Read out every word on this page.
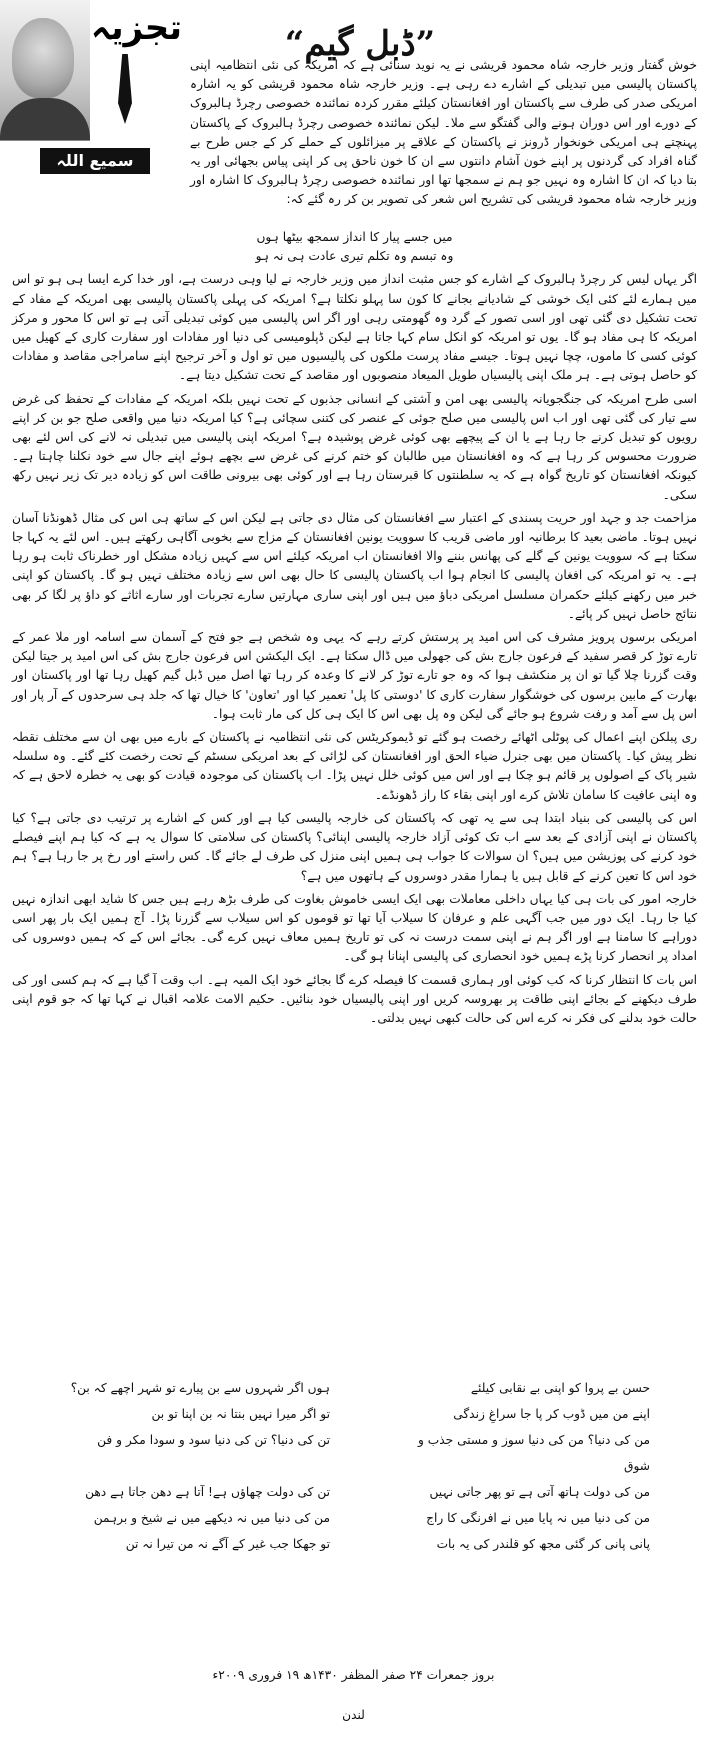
تجزیہ
سمیع اللہ ملک
”ڈبل گیم“

خوش گفتار وزیر خارجہ شاہ محمود قریشی نے یہ نوید سنائی ہے کہ امریکہ کی نئی انتظامیہ اپنی پاکستان پالیسی میں تبدیلی کے اشارے دے رہی ہے۔ وزیر خارجہ شاہ محمود قریشی کو یہ اشارہ امریکی صدر کی طرف سے پاکستان اور افغانستان کیلئے مقرر کردہ نمائندہ خصوصی رچرڈ ہالبروک کے دورے اور اس دوران ہونے والی گفتگو سے ملا۔ لیکن نمائندہ خصوصی رچرڈ ہالبروک کے پاکستان پہنچتے ہی امریکی خونخوار ڈرونز نے پاکستان کے علاقے پر میزائلوں کے حملے کر کے جس طرح بے گناہ افراد کی گردنوں پر اپنے خون آشام دانتوں سے ان کا خون ناحق پی کر اپنی پیاس بجھائی اور یہ بتا دیا کہ ان کا اشارہ وہ نہیں جو ہم نے سمجھا تھا اور نمائندہ خصوصی رچرڈ ہالبروک کا اشارہ اور وزیر خارجہ شاہ محمود قریشی کی تشریح اس شعر کی تصویر بن کر رہ گئے کہ:

میں جسے پیار کا انداز سمجھ بیٹھا ہوں
وہ تبسم وہ تکلم تیری عادت ہی نہ ہو

اگر یہاں لیس کر رچرڈ ہالبروک کے اشارے کو جس مثبت انداز میں وزیر خارجہ نے لیا وہی درست ہے، اور خدا کرے ایسا ہی ہو تو اس میں ہمارے لئے کئی ایک خوشی کے شادیانے بجانے کا کون سا پہلو نکلتا ہے؟ امریکہ کی پہلی پاکستان پالیسی بھی امریکہ کے مفاد کے تحت تشکیل دی گئی تھی اور اسی تصور کے گرد وہ گھومتی رہی اور اگر اس پالیسی میں کوئی تبدیلی آتی ہے تو اس کا محور و مرکز امریکہ کا ہی مفاد ہو گا۔ یوں تو امریکہ کو انکل سام کہا جاتا ہے لیکن ڈپلومیسی کی دنیا اور مفادات اور سفارت کاری کے کھیل میں کوئی کسی کا ماموں، چچا نہیں ہوتا۔ جیسے مفاد پرست ملکوں کی پالیسیوں میں تو اول و آخر ترجیح اپنے سامراجی مقاصد و مفادات کو حاصل ہوتی ہے۔ ہر ملک اپنی پالیسیاں طویل المیعاد منصوبوں اور مقاصد کے تحت تشکیل دیتا ہے۔

اسی طرح امریکہ کی جنگجویانہ پالیسی بھی امن و آشتی کے انسانی جذبوں کے تحت نہیں بلکہ امریکہ کے مفادات کے تحفظ کی غرض سے تیار کی گئی تھی اور اب اس پالیسی میں صلح جوئی کے عنصر کی کتنی سچائی ہے؟ کیا امریکہ دنیا میں واقعی صلح جو بن کر اپنے رویوں کو تبدیل کرنے جا رہا ہے یا ان کے پیچھے بھی کوئی غرض پوشیدہ ہے؟ امریکہ اپنی پالیسی میں تبدیلی نہ لانے کی اس لئے بھی ضرورت محسوس کر رہا ہے کہ وہ افغانستان میں طالبان کو ختم کرنے کی غرض سے بچھے ہوئے اپنے جال سے خود نکلنا چاہتا ہے۔ کیونکہ افغانستان کو تاریخ گواہ ہے کہ یہ سلطنتوں کا قبرستان رہا ہے اور کوئی بھی بیرونی طاقت اس کو زیادہ دیر تک زیر نہیں رکھ سکی۔

مزاحمت جد و جہد اور حریت پسندی کے اعتبار سے افغانستان کی مثال دی جاتی ہے لیکن اس کے ساتھ ہی اس کی مثال ڈھونڈنا آسان نہیں ہوتا۔ ماضی بعید کا برطانیہ اور ماضی قریب کا سوویت یونین افغانستان کے مزاج سے بخوبی آگاہی رکھتے ہیں۔ اس لئے یہ کہا جا سکتا ہے کہ سوویت یونین کے گلے کی پھانس بننے والا افغانستان اب امریکہ کیلئے اس سے کہیں زیادہ مشکل اور خطرناک ثابت ہو رہا ہے۔ یہ تو امریکہ کی افغان پالیسی کا انجام ہوا اب پاکستان پالیسی کا حال بھی اس سے زیادہ مختلف نہیں ہو گا۔ پاکستان کو اپنی خبر میں رکھنے کیلئے حکمران مسلسل امریکی دباؤ میں ہیں اور اپنی ساری مہارتیں سارے تجربات اور سارے اثاثے کو داؤ پر لگا کر بھی نتائج حاصل نہیں کر پائے۔

امریکی برسوں پرویز مشرف کی اس امید پر پرستش کرتے رہے کہ یہی وہ شخص ہے جو فتح کے آسمان سے اسامہ اور ملا عمر کے تارے توڑ کر قصر سفید کے فرعون جارج بش کی جھولی میں ڈال سکتا ہے۔ ایک الیکشن اس فرعون جارج بش کی اس امید پر جیتا لیکن وقت گزرنا چلا گیا تو ان پر منکشف ہوا کہ وہ جو تارے توڑ کر لانے کا وعدہ کر رہا تھا اصل میں ڈبل گیم کھیل رہا تھا اور پاکستان اور بھارت کے مابین برسوں کی خوشگوار سفارت کاری کا 'دوستی کا پل' تعمیر کیا اور 'تعاون' کا خیال تھا کہ جلد ہی سرحدوں کے آر پار اور اس پل سے آمد و رفت شروع ہو جائے گی لیکن وہ پل بھی اس کا ایک ہی کل کی مار ثابت ہوا۔

ری پبلکن اپنے اعمال کی پوٹلی اٹھائے رخصت ہو گئے تو ڈیموکریٹس کی نئی انتظامیہ نے پاکستان کے بارے میں بھی ان سے مختلف نقطہ نظر پیش کیا۔ پاکستان میں بھی جنرل ضیاء الحق اور افغانستان کی لڑائی کے بعد امریکی سسٹم کے تحت رخصت کئے گئے۔ وہ سلسلہ شیر پاک کے اصولوں پر قائم ہو چکا ہے اور اس میں کوئی خلل نہیں پڑا۔ اب پاکستان کی موجودہ قیادت کو بھی یہ خطرہ لاحق ہے کہ وہ اپنی عافیت کا سامان تلاش کرے اور اپنی بقاء کا راز ڈھونڈے۔

اس کی پالیسی کی بنیاد ابتدا ہی سے یہ تھی کہ پاکستان کی خارجہ پالیسی کیا ہے اور کس کے اشارے پر ترتیب دی جاتی ہے؟ کیا پاکستان نے اپنی آزادی کے بعد سے اب تک کوئی آزاد خارجہ پالیسی اپنائی؟ پاکستان کی سلامتی کا سوال یہ ہے کہ کیا ہم اپنے فیصلے خود کرنے کی پوزیشن میں ہیں؟ ان سوالات کا جواب ہی ہمیں اپنی منزل کی طرف لے جائے گا۔ کس راستے اور رخ پر جا رہا ہے؟ ہم خود اس کا تعین کرنے کے قابل ہیں یا ہمارا مقدر دوسروں کے ہاتھوں میں ہے؟

خارجہ امور کی بات ہی کیا یہاں داخلی معاملات بھی ایک ایسی خاموش بغاوت کی طرف بڑھ رہے ہیں جس کا شاید ابھی اندازہ نہیں کیا جا رہا۔ ایک دور میں جب آگہی علم و عرفان کا سیلاب آیا تھا تو قوموں کو اس سیلاب سے گزرنا پڑا۔ آج ہمیں ایک بار پھر اسی دوراہے کا سامنا ہے اور اگر ہم نے اپنی سمت درست نہ کی تو تاریخ ہمیں معاف نہیں کرے گی۔ بجائے اس کے کہ ہمیں دوسروں کی امداد پر انحصار کرنا پڑے ہمیں خود انحصاری کی پالیسی اپنانا ہو گی۔

اس بات کا انتظار کرنا کہ کب کوئی اور ہماری قسمت کا فیصلہ کرے گا بجائے خود ایک المیہ ہے۔ اب وقت آ گیا ہے کہ ہم کسی اور کی طرف دیکھنے کے بجائے اپنی طاقت پر بھروسہ کریں اور اپنی پالیسیاں خود بنائیں۔ حکیم الامت علامہ اقبال نے کہا تھا کہ جو قوم اپنی حالت خود بدلنے کی فکر نہ کرے اس کی حالت کبھی نہیں بدلتی۔

حسن بے پروا کو اپنی بے نقابی کیلئے
ہوں اگر شہروں سے بن پیارے تو شہر اچھے کہ بن؟
اپنے من میں ڈوب کر پا جا سراغِ زندگی
تو اگر میرا نہیں بنتا نہ بن اپنا تو بن
من کی دنیا؟ من کی دنیا سوز و مستی جذب و شوق
تن کی دنیا؟ تن کی دنیا سود و سودا مکر و فن
من کی دولت ہاتھ آتی ہے تو پھر جاتی نہیں
تن کی دولت چھاؤں ہے! آتا ہے دھن جاتا ہے دھن
من کی دنیا میں نہ پایا میں نے افرنگی کا راج
من کی دنیا میں نہ دیکھے میں نے شیخ و برہمن
پانی پانی کر گئی مجھ کو قلندر کی یہ بات
تو جھکا جب غیر کے آگے نہ من تیرا نہ تن
بروز جمعرات ۲۴ صفر المظفر ۱۴۳۰ھ ۱۹ فروری ۲۰۰۹ء
لندن
